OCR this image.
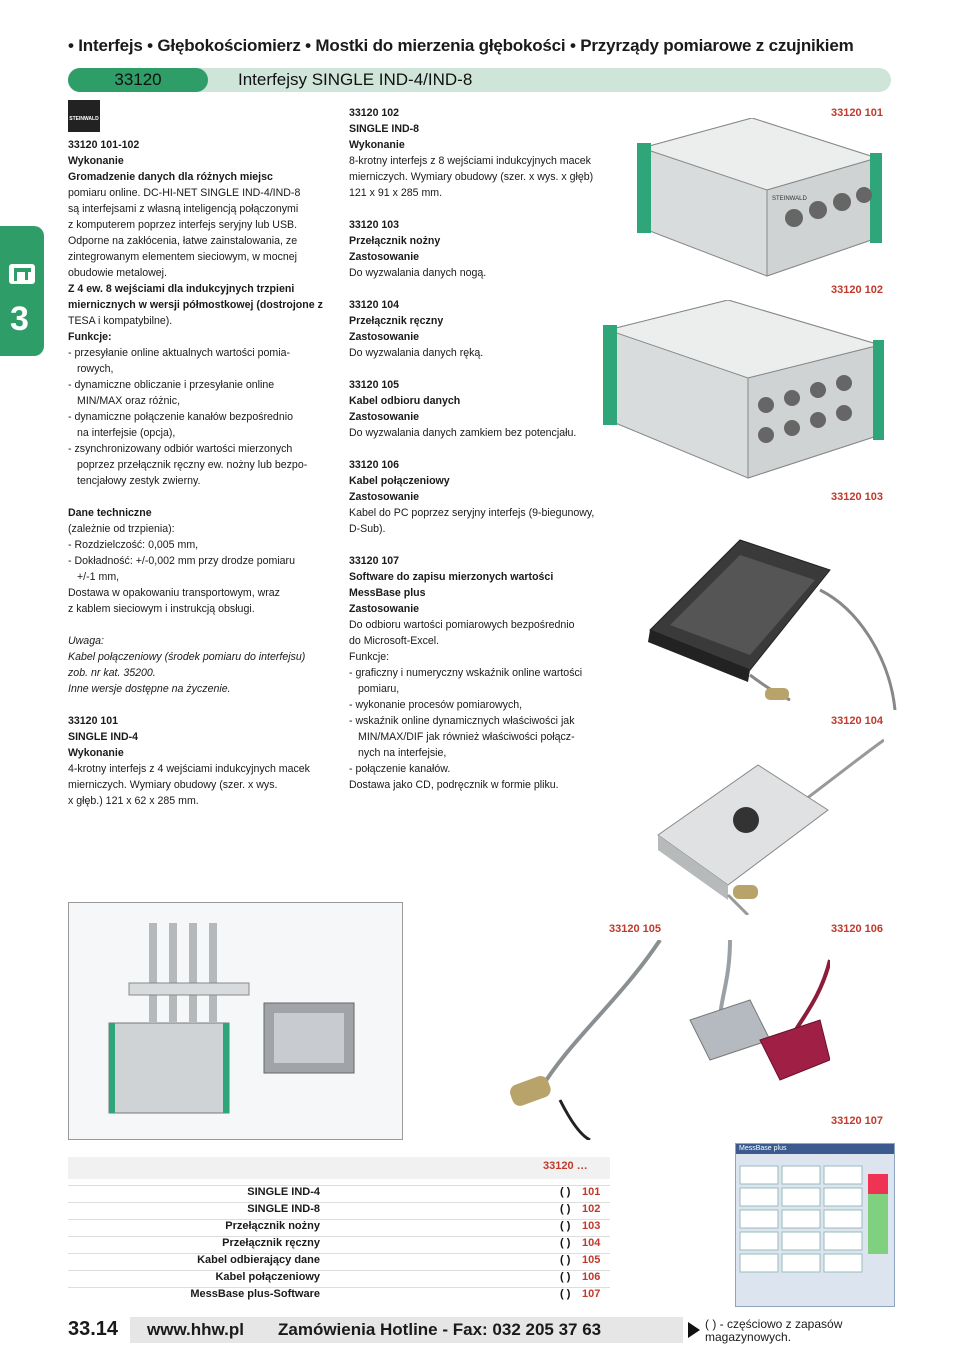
• Interfejs • Głębokościomierz • Mostki do mierzenia głębokości • Przyrządy pomiarowe z czujnikiem
33120	Interfejsy SINGLE IND-4/IND-8
3
STEINWALD
33120 101-102
Wykonanie
Gromadzenie danych dla różnych miejsc
pomiaru online. DC-HI-NET SINGLE IND-4/IND-8
są interfejsami z własną inteligencją połączonymi
z komputerem poprzez interfejs seryjny lub USB.
Odporne na zakłócenia, łatwe zainstalowania, ze
zintegrowanym elementem sieciowym, w mocnej
obudowie metalowej.
Z 4 ew. 8 wejściami dla indukcyjnych trzpieni
miernicznych w wersji półmostkowej (dostrojone z
TESA i kompatybilne).
Funkcje:
- przesyłanie online aktualnych wartości pomia-
rowych,
- dynamiczne obliczanie i przesyłanie online
MIN/MAX oraz różnic,
- dynamiczne połączenie kanałów bezpośrednio
na interfejsie (opcja),
- zsynchronizowany odbiór wartości mierzonych
poprzez przełącznik ręczny ew. nożny lub bezpo-
tencjałowy zestyk zwierny.
Dane techniczne
(zależnie od trzpienia):
- Rozdzielczość: 0,005 mm,
- Dokładność: +/-0,002 mm przy drodze pomiaru
+/-1 mm,
Dostawa w opakowaniu transportowym, wraz
z kablem sieciowym i instrukcją obsługi.
Uwaga:
Kabel połączeniowy (środek pomiaru do interfejsu)
zob. nr kat. 35200.
Inne wersje dostępne na życzenie.
33120 101
SINGLE IND-4
Wykonanie
4-krotny interfejs z 4 wejściami indukcyjnych macek
mierniczych. Wymiary obudowy (szer. x wys.
x głęb.) 121 x 62 x 285 mm.
33120 102
SINGLE IND-8
Wykonanie
8-krotny interfejs z 8 wejściami indukcyjnych macek
mierniczych. Wymiary obudowy (szer. x wys. x głęb)
121 x 91 x 285 mm.
33120 103
Przełącznik nożny
Zastosowanie
Do wyzwalania danych nogą.
33120 104
Przełącznik ręczny
Zastosowanie
Do wyzwalania danych ręką.
33120 105
Kabel odbioru danych
Zastosowanie
Do wyzwalania danych zamkiem bez potencjału.
33120 106
Kabel połączeniowy
Zastosowanie
Kabel do PC poprzez seryjny interfejs (9-biegunowy,
D-Sub).
33120 107
Software do zapisu mierzonych wartości
MessBase plus
Zastosowanie
Do odbioru wartości pomiarowych bezpośrednio
do Microsoft-Excel.
Funkcje:
- graficzny i numeryczny wskaźnik online wartości
pomiaru,
- wykonanie procesów pomiarowych,
- wskaźnik online dynamicznych właściwości jak
MIN/MAX/DIF jak również właściwości połącz-
nych na interfejsie,
- połączenie kanałów.
Dostawa jako CD, podręcznik w formie pliku.
33120 101
STEINWALD
33120 102
33120 103
33120 104
33120 105	33120 106
33120 107
33120 …
SINGLE IND-4	( ) 101
SINGLE IND-8	( ) 102
Przełącznik nożny	( ) 103
Przełącznik ręczny	( ) 104
Kabel odbierający dane	( ) 105
Kabel połączeniowy	( ) 106
MessBase plus-Software	( ) 107
MessBase plus
33.14 www.hhw.pl Zamówienia Hotline - Fax: 032 205 37 63	( ) - częściowo z zapasów
magazynowych.
